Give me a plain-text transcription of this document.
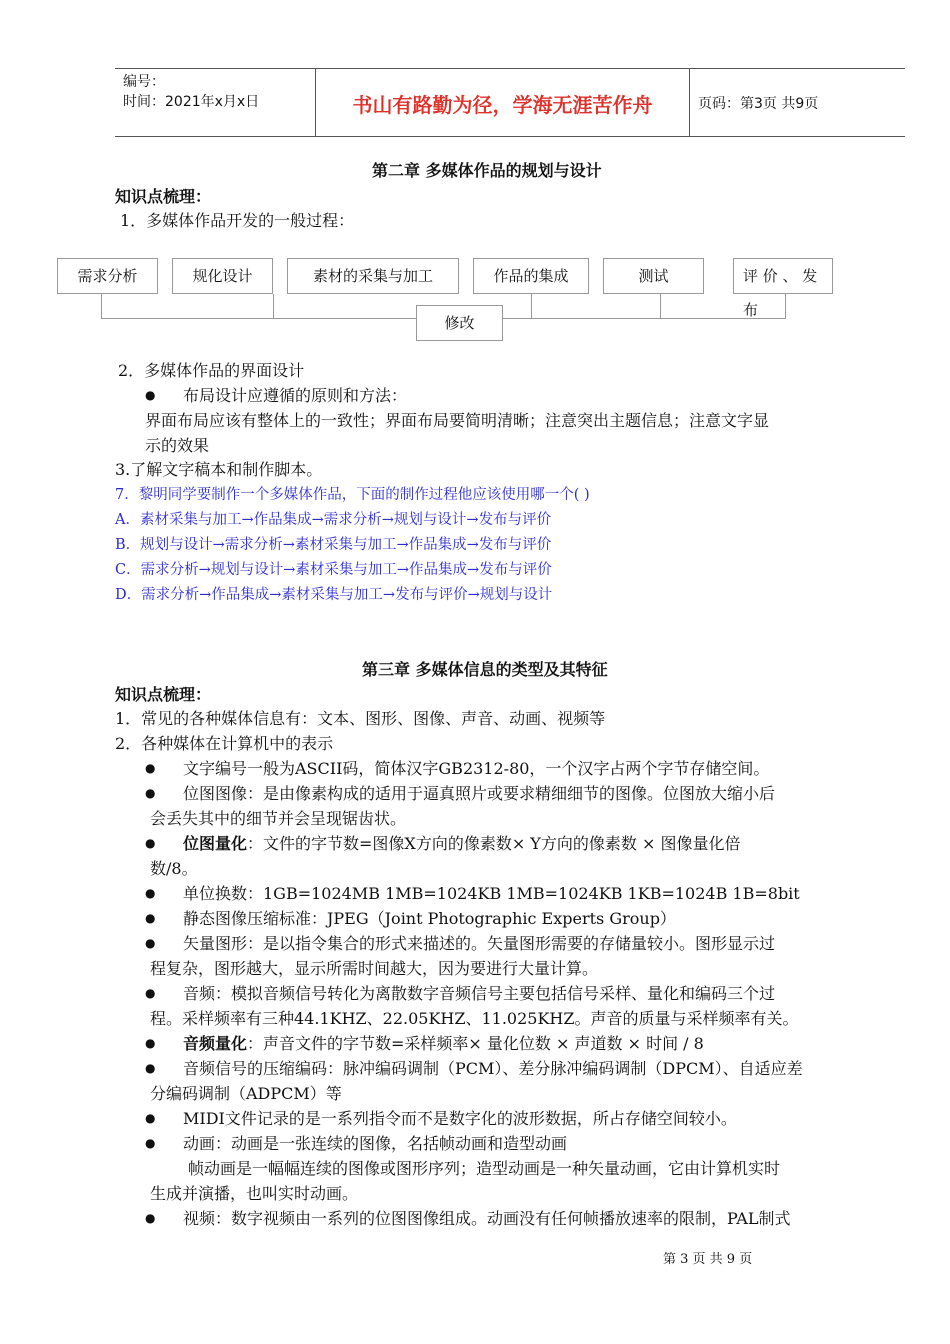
编号：
时间：2021年x月x日	书山有路勤为径，学海无涯苦作舟	页码：第3页 共9页
第二章 多媒体作品的规划与设计
知识点梳理：
1．多媒体作品开发的一般过程：
需求分析	规化设计	素材的采集与加工	作品的集成	测试	评 价 、 发 布
修改
2．多媒体作品的界面设计
● 布局设计应遵循的原则和方法：
界面布局应该有整体上的一致性；界面布局要简明清晰；注意突出主题信息；注意文字显
示的效果
3.了解文字稿本和制作脚本。
7．黎明同学要制作一个多媒体作品，下面的制作过程他应该使用哪一个( )
A．素材采集与加工→作品集成→需求分析→规划与设计→发布与评价
B．规划与设计→需求分析→素材采集与加工→作品集成→发布与评价
C．需求分析→规划与设计→素材采集与加工→作品集成→发布与评价
D．需求分析→作品集成→素材采集与加工→发布与评价→规划与设计
第三章 多媒体信息的类型及其特征
知识点梳理：
1．常见的各种媒体信息有：文本、图形、图像、声音、动画、视频等
2．各种媒体在计算机中的表示
● 文字编号一般为ASCII码，简体汉字GB2312-80，一个汉字占两个字节存储空间。
● 位图图像：是由像素构成的适用于逼真照片或要求精细细节的图像。位图放大缩小后
会丢失其中的细节并会呈现锯齿状。
● 位图量化：文件的字节数=图像X方向的像素数× Y方向的像素数 × 图像量化倍
数/8。
● 单位换数：1GB=1024MB 1MB=1024KB 1MB=1024KB 1KB=1024B 1B=8bit
● 静态图像压缩标准：JPEG（Joint Photographic Experts Group）
● 矢量图形：是以指令集合的形式来描述的。矢量图形需要的存储量较小。图形显示过
程复杂，图形越大，显示所需时间越大，因为要进行大量计算。
● 音频：模拟音频信号转化为离散数字音频信号主要包括信号采样、量化和编码三个过
程。采样频率有三种44.1KHZ、22.05KHZ、11.025KHZ。声音的质量与采样频率有关。
● 音频量化：声音文件的字节数=采样频率× 量化位数 × 声道数 × 时间 / 8
● 音频信号的压缩编码：脉冲编码调制（PCM）、差分脉冲编码调制（DPCM）、自适应差
分编码调制（ADPCM）等
● MIDI文件记录的是一系列指令而不是数字化的波形数据，所占存储空间较小。
● 动画：动画是一张连续的图像，名括帧动画和造型动画
帧动画是一幅幅连续的图像或图形序列；造型动画是一种矢量动画，它由计算机实时
生成并演播，也叫实时动画。
● 视频：数字视频由一系列的位图图像组成。动画没有任何帧播放速率的限制，PAL制式
第 3 页 共 9 页
